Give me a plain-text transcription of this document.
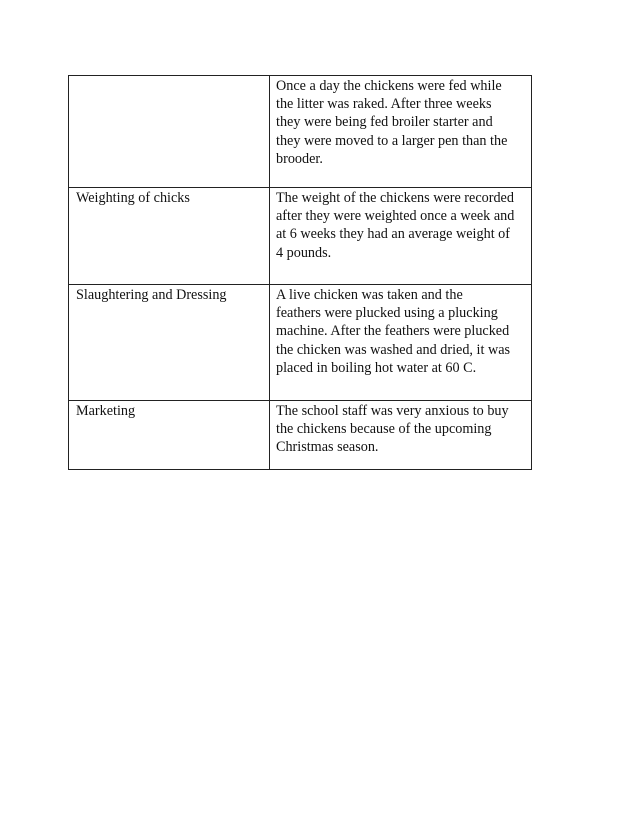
	Once a day the chickens were fed while
the litter was raked. After three weeks
they were being fed broiler starter and
they were moved to a larger pen than the
brooder.

Weighting of chicks	The weight of the chickens were recorded
after they were weighted once a week and
at 6 weeks they had an average weight of
4 pounds.

Slaughtering and Dressing	A live chicken was taken and the
feathers were plucked using a plucking
machine. After the feathers were plucked
the chicken was washed and dried, it was
placed in boiling hot water at 60 C.

Marketing	The school staff was very anxious to buy
the chickens because of the upcoming
Christmas season.
